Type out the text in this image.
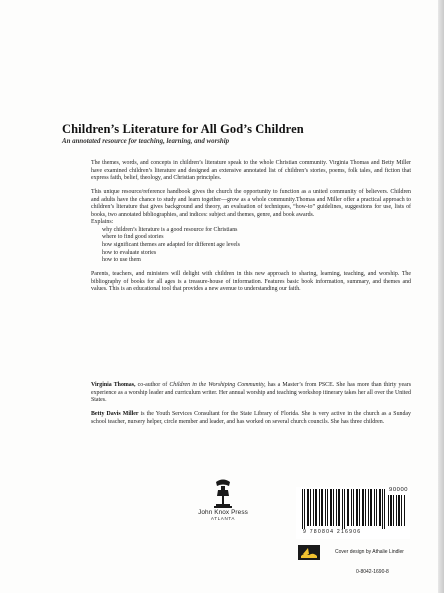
Children’s Literature for All God’s Children
An annotated resource for teaching, learning, and worship

The themes, words, and concepts in children’s literature speak to the whole Christian community. Virginia Thomas and Betty Miller have examined children’s literature and designed an extensive annotated list of children’s stories, poems, folk tales, and fiction that express faith, belief, theology, and Christian principles.

This unique resource/reference handbook gives the church the opportunity to function as a united community of believers. Children and adults have the chance to study and learn together—grow as a whole community.Thomas and Miller offer a practical approach to children’s literature that gives background and theory, an evaluation of techniques, “how-to” guidelines, suggestions for use, lists of books, two annotated bibliographies, and indices: subject and themes, genre, and book awards.

Explains:
why children’s literature is a good resource for Christians
where to find good stories
how significant themes are adapted for different age levels
how to evaluate stories
how to use them

Parents, teachers, and ministers will delight with children in this new approach to sharing, learning, teaching, and worship. The bibliography of books for all ages is a treasure-house of information. Features basic book information, summary, and themes and values. This is an educational tool that provides a new avenue to understanding our faith.

Virginia Thomas, co-author of Children in the Worshiping Community, has a Master’s from PSCE. She has more than thirty years experience as a worship leader and curriculum writer. Her annual worship and teaching workshop itinerary takes her all over the United States.

Betty Davis Miller is the Youth Services Consultant for the State Library of Florida. She is very active in the church as a Sunday school teacher, nursery helper, circle member and leader, and has worked on several church councils. She has three children.

John Knox Press
ATLANTA
90000
9 780804 216906
Cover design by Athalie Lindler
0-8042-1690-8
